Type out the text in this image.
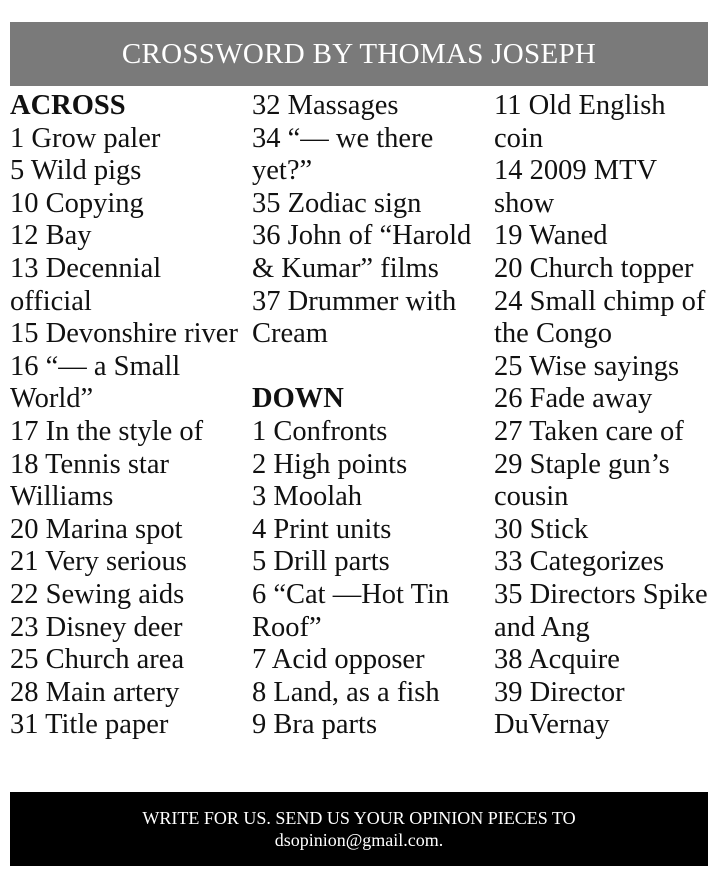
CROSSWORD BY THOMAS JOSEPH
ACROSS

1 Grow paler

5 Wild pigs

10 Copying

12 Bay

13 Decennial official

15 Devonshire river

16 “— a Small World”

17 In the style of

18 Tennis star Williams

20 Marina spot

21 Very serious

22 Sewing aids

23 Disney deer

25 Church area

28 Main artery

31 Title paper

32 Massages

34 “— we there yet?”

35 Zodiac sign

36 John of “Harold & Kumar” films

37 Drummer with Cream

DOWN

1 Confronts

2 High points

3 Moolah

4 Print units

5 Drill parts

6 “Cat —Hot Tin Roof”

7 Acid opposer

8 Land, as a fish

9 Bra parts

11 Old English coin

14 2009 MTV show

19 Waned

20 Church topper

24 Small chimp of the Congo

25 Wise sayings

26 Fade away

27 Taken care of

29 Staple gun’s cousin

30 Stick

33 Categorizes

35 Directors Spike and Ang

38 Acquire

39 Director DuVernay

WRITE FOR US. SEND US YOUR OPINION PIECES TO
dsopinion@gmail.com.
